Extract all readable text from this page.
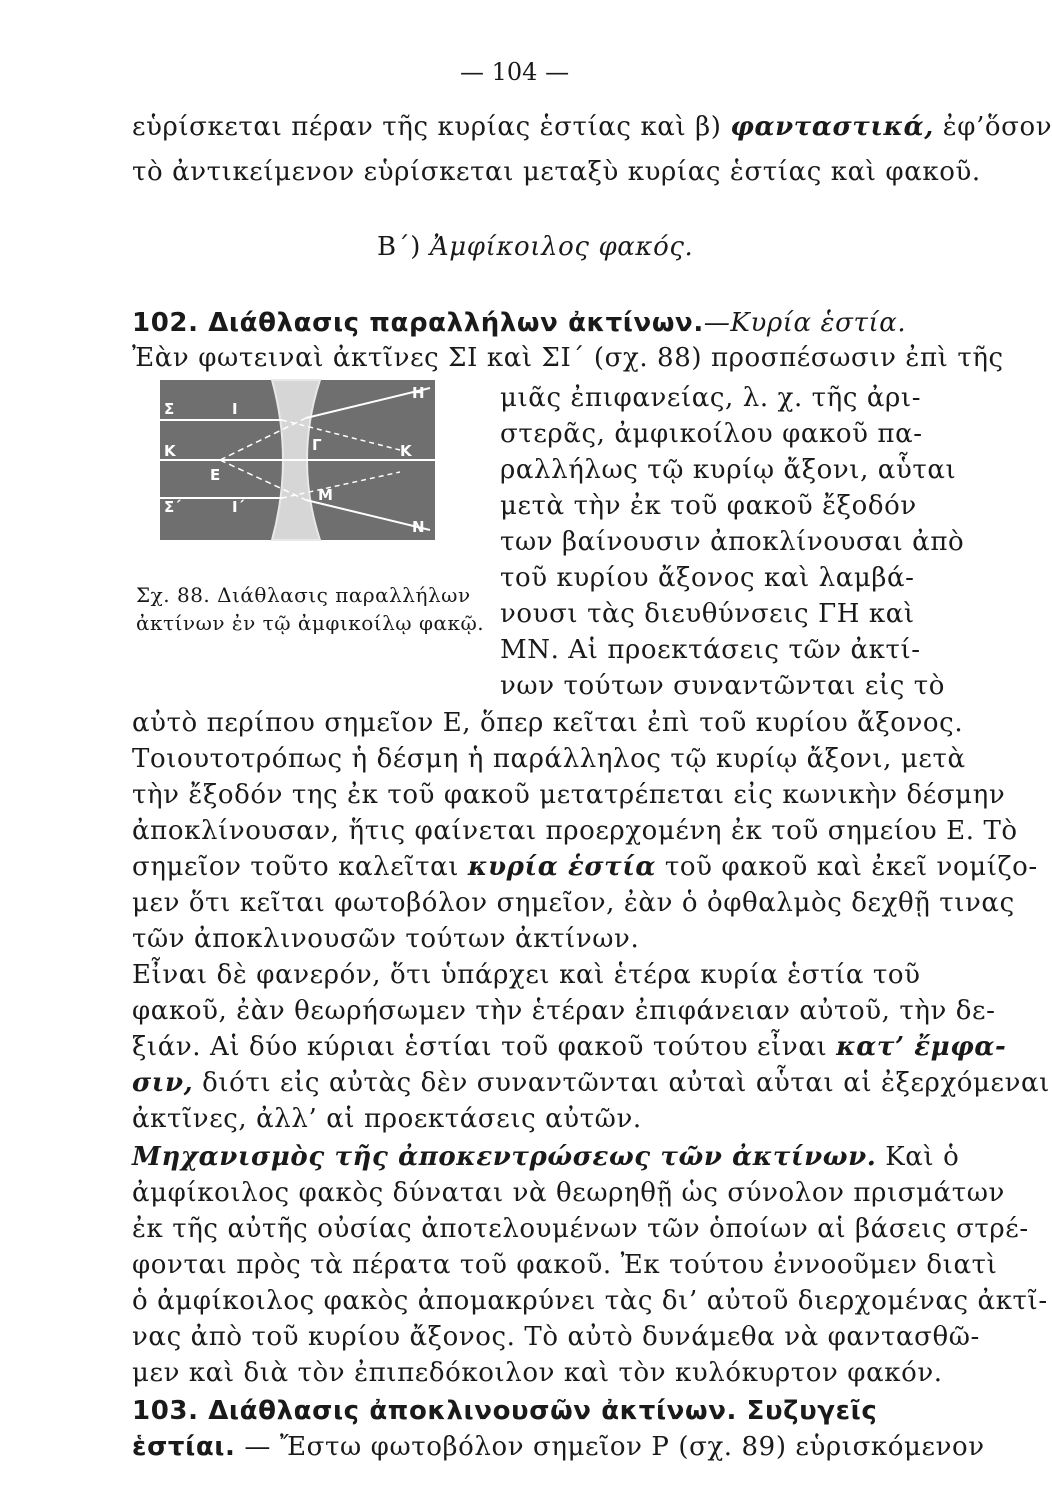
— 104 —
εὑρίσκεται πέραν τῆς κυρίας ἑστίας καὶ β) φανταστικά, ἐφ’ὅσον
τὸ ἀντικείμενον εὑρίσκεται μεταξὺ κυρίας ἑστίας καὶ φακοῦ.
Β΄) Ἀμφίκοιλος φακός.
102. Διάθλασις παραλλήλων ἀκτίνων.—Κυρία ἑστία.
Ἐὰν φωτειναὶ ἀκτῖνες ΣΙ καὶ ΣΙ΄ (σχ. 88) προσπέσωσιν ἐπὶ τῆς
Σ	Ι
Η
Κ	Γ	Κ
Ε
Σ΄	Ι΄
Μ
Ν
μιᾶς ἐπιφανείας, λ. χ. τῆς ἀρι-
στερᾶς, ἀμφικοίλου φακοῦ πα-
ραλλήλως τῷ κυρίῳ ἄξονι, αὗται
μετὰ τὴν ἐκ τοῦ φακοῦ ἔξοδόν
των βαίνουσιν ἀποκλίνουσαι ἀπὸ
τοῦ κυρίου ἄξονος καὶ λαμβά-
νουσι τὰς διευθύνσεις ΓΗ καὶ
ΜΝ. Αἱ προεκτάσεις τῶν ἀκτί-
νων τούτων συναντῶνται εἰς τὸ
Σχ. 88. Διάθλασις παραλλήλων
ἀκτίνων ἐν τῷ ἀμφικοίλῳ φακῷ.
αὐτὸ περίπου σημεῖον Ε, ὅπερ κεῖται ἐπὶ τοῦ κυρίου ἄξονος.
Τοιουτοτρόπως ἡ δέσμη ἡ παράλληλος τῷ κυρίῳ ἄξονι, μετὰ
τὴν ἔξοδόν της ἐκ τοῦ φακοῦ μετατρέπεται εἰς κωνικὴν δέσμην
ἀποκλίνουσαν, ἥτις φαίνεται προερχομένη ἐκ τοῦ σημείου Ε. Τὸ
σημεῖον τοῦτο καλεῖται κυρία ἑστία τοῦ φακοῦ καὶ ἐκεῖ νομίζο-
μεν ὅτι κεῖται φωτοβόλον σημεῖον, ἐὰν ὁ ὀφθαλμὸς δεχθῇ τινας
τῶν ἀποκλινουσῶν τούτων ἀκτίνων.
Εἶναι δὲ φανερόν, ὅτι ὑπάρχει καὶ ἑτέρα κυρία ἑστία τοῦ
φακοῦ, ἐὰν θεωρήσωμεν τὴν ἑτέραν ἐπιφάνειαν αὐτοῦ, τὴν δε-
ξιάν. Αἱ δύο κύριαι ἑστίαι τοῦ φακοῦ τούτου εἶναι κατ’ ἔμφα-
σιν, διότι εἰς αὐτὰς δὲν συναντῶνται αὐταὶ αὗται αἱ ἐξερχόμεναι
ἀκτῖνες, ἀλλ’ αἱ προεκτάσεις αὐτῶν.
Μηχανισμὸς τῆς ἀποκεντρώσεως τῶν ἀκτίνων. Καὶ ὁ
ἀμφίκοιλος φακὸς δύναται νὰ θεωρηθῇ ὡς σύνολον πρισμάτων
ἐκ τῆς αὐτῆς οὐσίας ἀποτελουμένων τῶν ὁποίων αἱ βάσεις στρέ-
φονται πρὸς τὰ πέρατα τοῦ φακοῦ. Ἐκ τούτου ἐννοοῦμεν διατὶ
ὁ ἀμφίκοιλος φακὸς ἀπομακρύνει τὰς δι’ αὐτοῦ διερχομένας ἀκτῖ-
νας ἀπὸ τοῦ κυρίου ἄξονος. Τὸ αὐτὸ δυνάμεθα νὰ φαντασθῶ-
μεν καὶ διὰ τὸν ἐπιπεδόκοιλον καὶ τὸν κυλόκυρτον φακόν.
103. Διάθλασις ἀποκλινουσῶν ἀκτίνων. Συζυγεῖς
ἑστίαι. — Ἔστω φωτοβόλον σημεῖον Ρ (σχ. 89) εὑρισκόμενον
